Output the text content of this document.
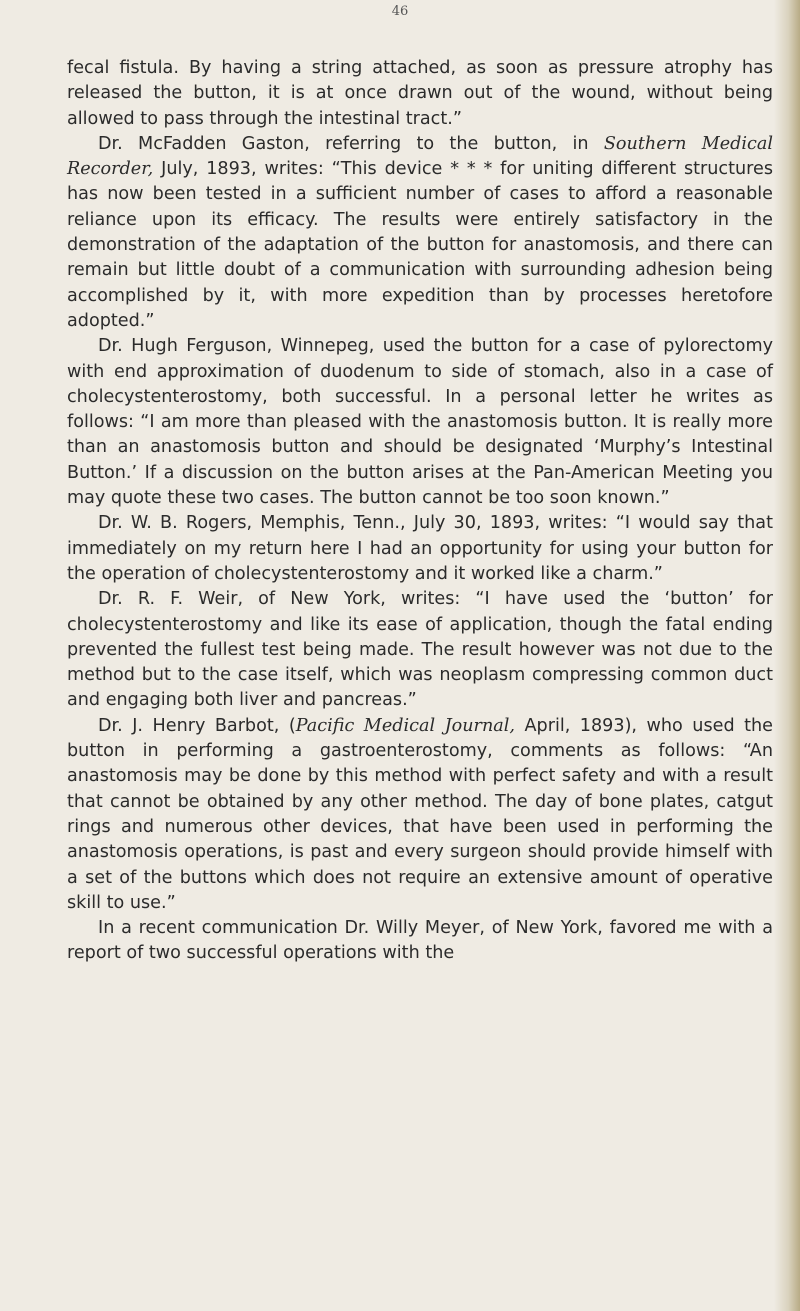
46

fecal fistula. By having a string attached, as soon as pressure atrophy has released the button, it is at once drawn out of the wound, without being allowed to pass through the intestinal tract.”

Dr. McFadden Gaston, referring to the button, in Southern Medical Recorder, July, 1893, writes: “This device * * * for uniting different structures has now been tested in a sufficient number of cases to afford a reasonable reliance upon its efficacy. The results were entirely satisfactory in the demonstration of the adaptation of the button for anastomosis, and there can remain but little doubt of a communication with surrounding adhesion being accomplished by it, with more expedition than by processes heretofore adopted.”

Dr. Hugh Ferguson, Winnepeg, used the button for a case of pylorectomy with end approximation of duodenum to side of stomach, also in a case of cholecystenterostomy, both successful. In a personal letter he writes as follows: “I am more than pleased with the anastomosis button. It is really more than an anastomosis button and should be designated ‘Murphy’s Intestinal Button.’ If a discussion on the button arises at the Pan-American Meeting you may quote these two cases. The button cannot be too soon known.”

Dr. W. B. Rogers, Memphis, Tenn., July 30, 1893, writes: “I would say that immediately on my return here I had an opportunity for using your button for the operation of cholecystenterostomy and it worked like a charm.”

Dr. R. F. Weir, of New York, writes: “I have used the ‘button’ for cholecystenterostomy and like its ease of application, though the fatal ending prevented the fullest test being made. The result however was not due to the method but to the case itself, which was neoplasm compressing common duct and engaging both liver and pancreas.”

Dr. J. Henry Barbot, (Pacific Medical Journal, April, 1893), who used the button in performing a gastroenterostomy, comments as follows: “An anastomosis may be done by this method with perfect safety and with a result that cannot be obtained by any other method. The day of bone plates, catgut rings and numerous other devices, that have been used in performing the anastomosis operations, is past and every surgeon should provide himself with a set of the buttons which does not require an extensive amount of operative skill to use.”

In a recent communication Dr. Willy Meyer, of New York, favored me with a report of two successful operations with the
